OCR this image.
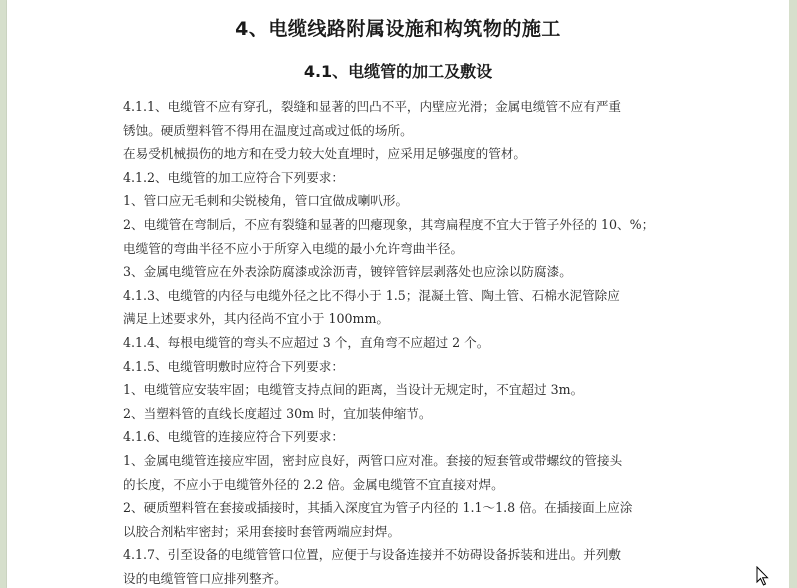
4、电缆线路附属设施和构筑物的施工
4.1、电缆管的加工及敷设
4.1.1、电缆管不应有穿孔，裂缝和显著的凹凸不平，内壁应光滑；金属电缆管不应有严重
锈蚀。硬质塑料管不得用在温度过高或过低的场所。
在易受机械损伤的地方和在受力较大处直埋时，应采用足够强度的管材。
4.1.2、电缆管的加工应符合下列要求：
1、管口应无毛刺和尖锐棱角，管口宜做成喇叭形。
2、电缆管在弯制后，不应有裂缝和显著的凹瘪现象，其弯扁程度不宜大于管子外径的 10、%；
电缆管的弯曲半径不应小于所穿入电缆的最小允许弯曲半径。
3、金属电缆管应在外表涂防腐漆或涂沥青，镀锌管锌层剥落处也应涂以防腐漆。
4.1.3、电缆管的内径与电缆外径之比不得小于 1.5；混凝土管、陶土管、石棉水泥管除应
满足上述要求外，其内径尚不宜小于 100mm。
4.1.4、每根电缆管的弯头不应超过 3 个，直角弯不应超过 2 个。
4.1.5、电缆管明敷时应符合下列要求：
1、电缆管应安装牢固；电缆管支持点间的距离，当设计无规定时，不宜超过 3m。
2、当塑料管的直线长度超过 30m 时，宜加装伸缩节。
4.1.6、电缆管的连接应符合下列要求：
1、金属电缆管连接应牢固，密封应良好，两管口应对准。套接的短套管或带螺纹的管接头
的长度，不应小于电缆管外径的 2.2 倍。金属电缆管不宜直接对焊。
2、硬质塑料管在套接或插接时，其插入深度宜为管子内径的 1.1～1.8 倍。在插接面上应涂
以胶合剂粘牢密封；采用套接时套管两端应封焊。
4.1.7、引至设备的电缆管管口位置，应便于与设备连接并不妨碍设备拆装和进出。并列敷
设的电缆管管口应排列整齐。
